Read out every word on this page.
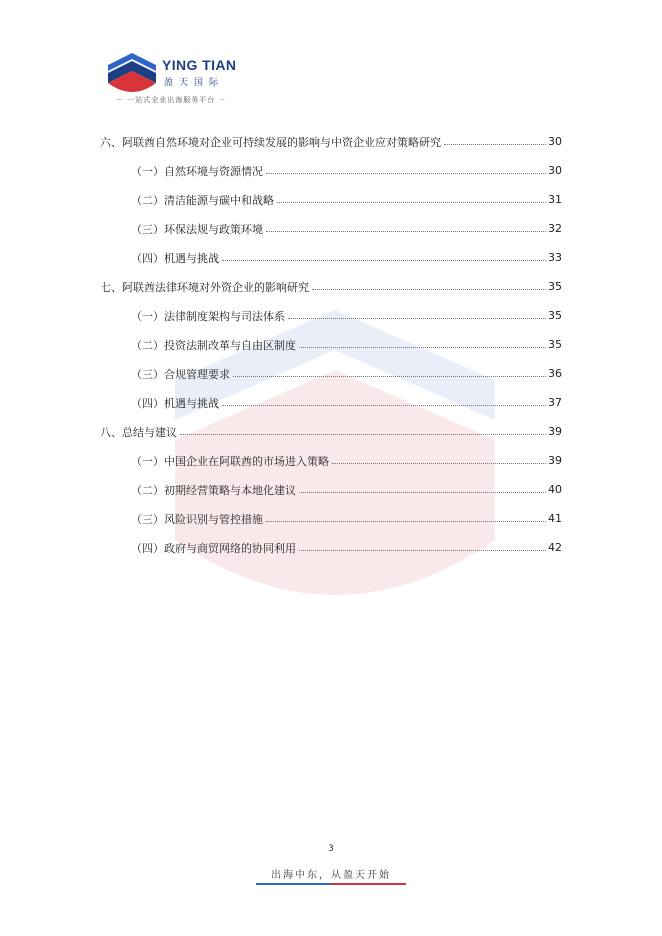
YING TIAN
盈天国际
－ 一站式全业出海服务平台 －
六、阿联酋自然环境对企业可持续发展的影响与中资企业应对策略研究	30
（一）自然环境与资源情况	30
（二）清洁能源与碳中和战略	31
（三）环保法规与政策环境	32
（四）机遇与挑战	33
七、阿联酋法律环境对外资企业的影响研究	35
（一）法律制度架构与司法体系	35
（二）投资法制改革与自由区制度	35
（三）合规管理要求	36
（四）机遇与挑战	37
八、总结与建议	39
（一）中国企业在阿联酋的市场进入策略	39
（二）初期经营策略与本地化建议	40
（三）风险识别与管控措施	41
（四）政府与商贸网络的协同利用	42
3
出海中东，从盈天开始
